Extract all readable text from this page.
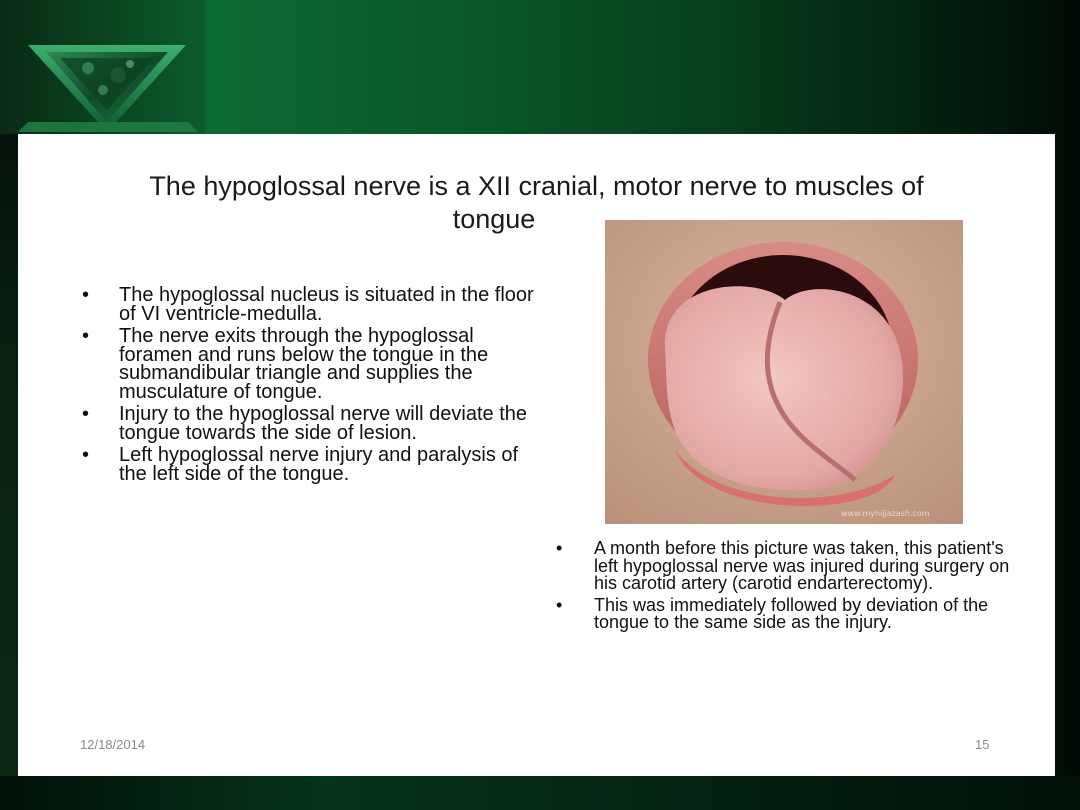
The hypoglossal nerve is a XII cranial, motor nerve to muscles of
tongue
• The hypoglossal nucleus is situated in the floor of VI ventricle-medulla.
• The nerve exits through the hypoglossal foramen and runs below the tongue in the submandibular triangle and supplies the musculature of tongue.
• Injury to the hypoglossal nerve will deviate the tongue towards the side of lesion.
• Left hypoglossal nerve injury and paralysis of the left side of the tongue.
www.myhijjazash.com
• A month before this picture was taken, this patient's left hypoglossal nerve was injured during surgery on his carotid artery (carotid endarterectomy).
• This was immediately followed by deviation of the tongue to the same side as the injury.
12/18/2014	15
